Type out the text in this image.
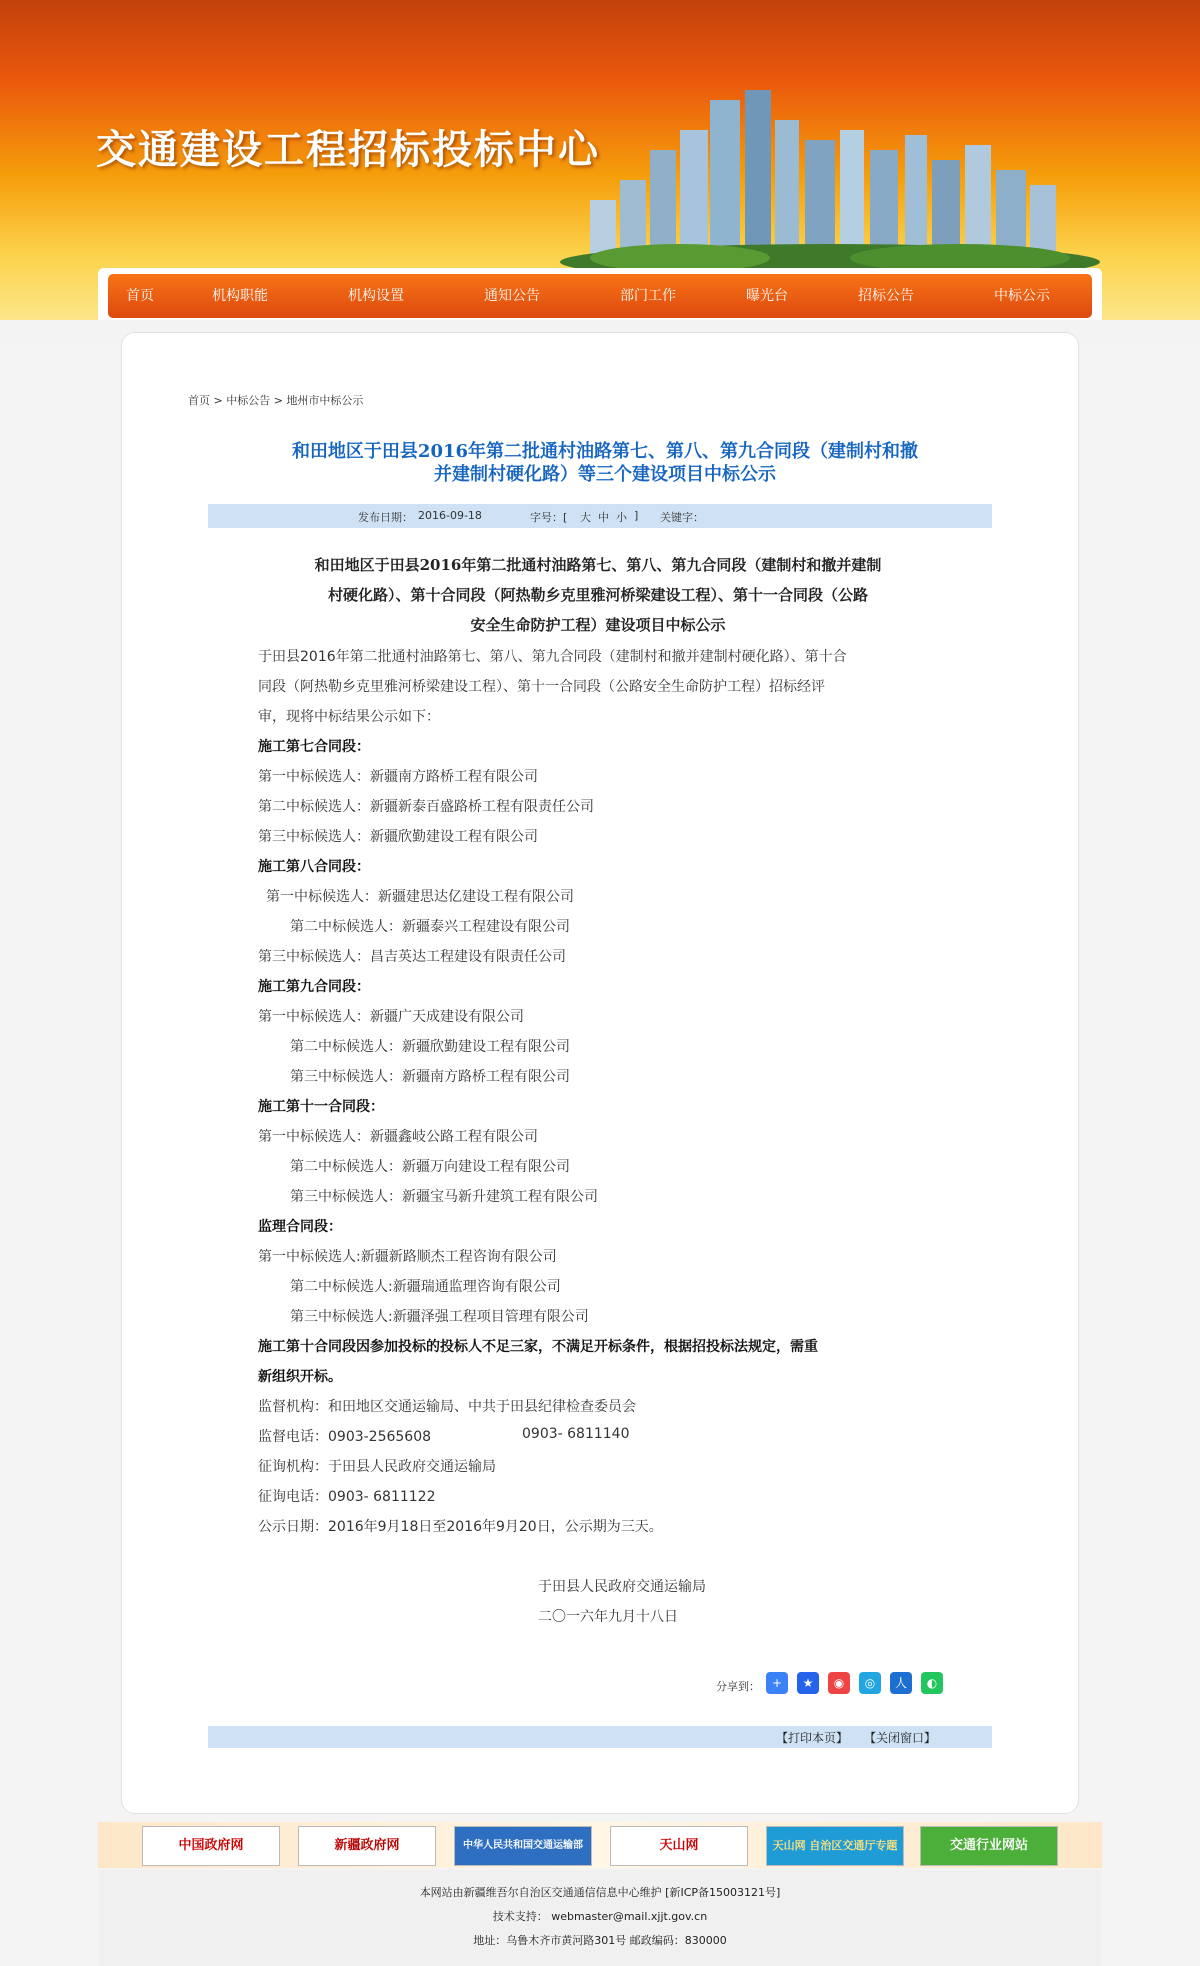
交通建设工程招标投标中心
首页	机构职能	机构设置	通知公告	部门工作	曝光台	招标公告	中标公示
首页 > 中标公告 > 地州市中标公示
和田地区于田县2016年第二批通村油路第七、第八、第九合同段（建制村和撤
并建制村硬化路）等三个建设项目中标公示
发布日期： 2016-09-18	字号：[ 大 中 小 ] 关键字：
和田地区于田县2016年第二批通村油路第七、第八、第九合同段（建制村和撤并建制
村硬化路）、第十合同段（阿热勒乡克里雅河桥梁建设工程）、第十一合同段（公路
安全生命防护工程）建设项目中标公示
于田县2016年第二批通村油路第七、第八、第九合同段（建制村和撤并建制村硬化路）、第十合
同段（阿热勒乡克里雅河桥梁建设工程）、第十一合同段（公路安全生命防护工程）招标经评
审，现将中标结果公示如下：
施工第七合同段：
第一中标候选人：新疆南方路桥工程有限公司
第二中标候选人：新疆新泰百盛路桥工程有限责任公司
第三中标候选人：新疆欣勤建设工程有限公司
施工第八合同段：
第一中标候选人：新疆建思达亿建设工程有限公司
第二中标候选人：新疆泰兴工程建设有限公司
第三中标候选人：昌吉英达工程建设有限责任公司
施工第九合同段：
第一中标候选人：新疆广天成建设有限公司
第二中标候选人：新疆欣勤建设工程有限公司
第三中标候选人：新疆南方路桥工程有限公司
施工第十一合同段：
第一中标候选人：新疆鑫岐公路工程有限公司
第二中标候选人：新疆万向建设工程有限公司
第三中标候选人：新疆宝马新升建筑工程有限公司
监理合同段：
第一中标候选人:新疆新路顺杰工程咨询有限公司
第二中标候选人:新疆瑞通监理咨询有限公司
第三中标候选人:新疆泽强工程项目管理有限公司
施工第十合同段因参加投标的投标人不足三家，不满足开标条件，根据招投标法规定，需重
新组织开标。
监督机构：和田地区交通运输局、中共于田县纪律检查委员会
监督电话：0903-2565608	0903- 6811140
征询机构：于田县人民政府交通运输局
征询电话：0903- 6811122
公示日期：2016年9月18日至2016年9月20日，公示期为三天。
于田县人民政府交通运输局
二〇一六年九月十八日
分享到： +	★	◉	◎	人	◐
【打印本页】 【关闭窗口】
中国政府网	新疆政府网	中华人民共和国交通运输部	天山网	天山网 自治区交通厅专题	交通行业网站
本网站由新疆维吾尔自治区交通通信信息中心维护 [新ICP备15003121号]
技术支持： webmaster@mail.xjjt.gov.cn
地址：乌鲁木齐市黄河路301号 邮政编码：830000
